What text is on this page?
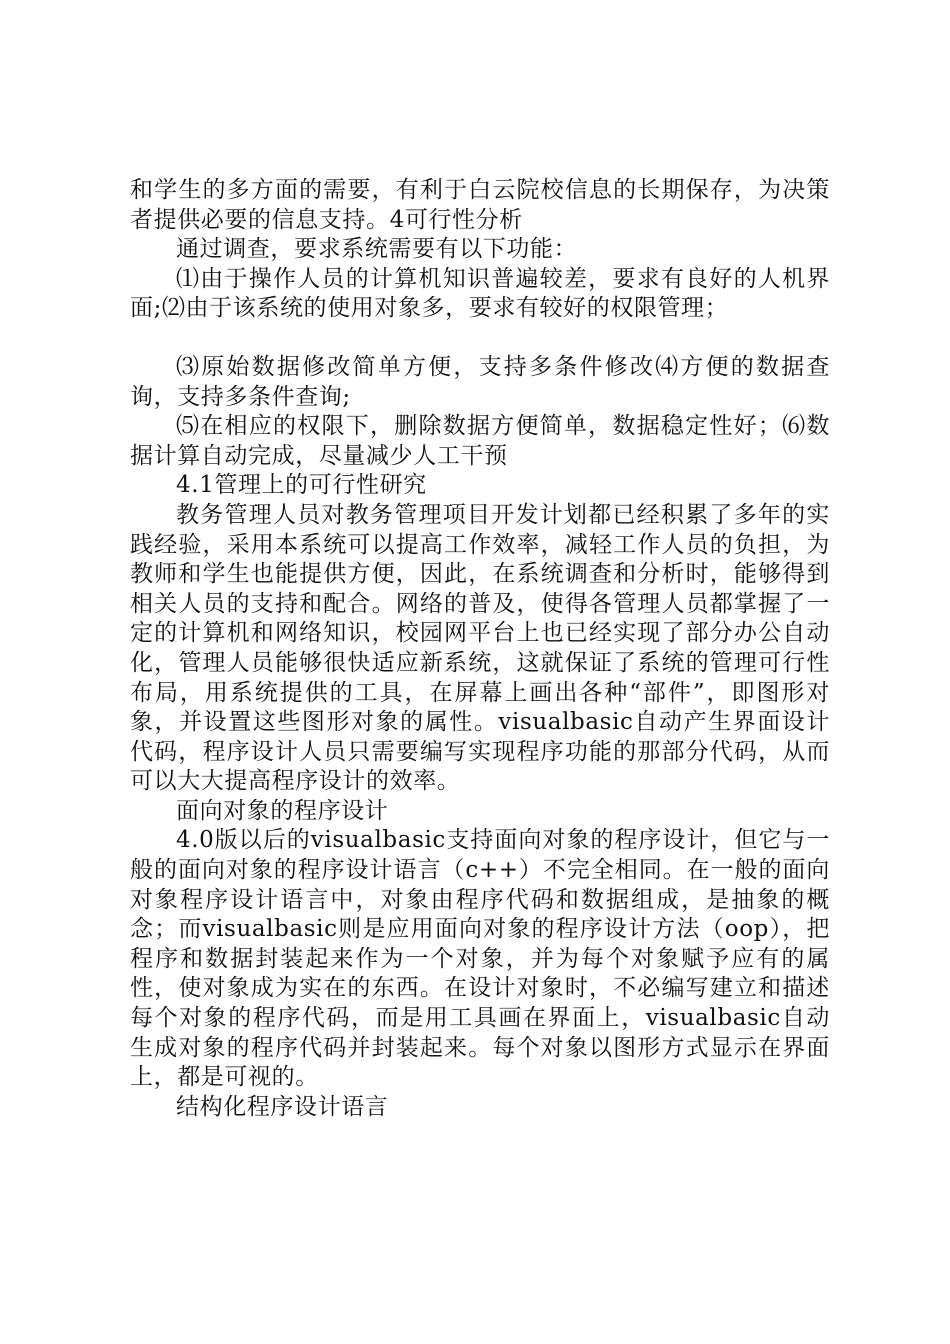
和学生的多方面的需要，有利于白云院校信息的长期保存，为决策者提供必要的信息支持。4可行性分析

通过调查，要求系统需要有以下功能：

⑴由于操作人员的计算机知识普遍较差，要求有良好的人机界面;⑵由于该系统的使用对象多，要求有较好的权限管理；

⑶原始数据修改简单方便，支持多条件修改⑷方便的数据查询，支持多条件查询;

⑸在相应的权限下，删除数据方便简单，数据稳定性好；⑹数据计算自动完成，尽量减少人工干预

4.1管理上的可行性研究

教务管理人员对教务管理项目开发计划都已经积累了多年的实践经验，采用本系统可以提高工作效率，减轻工作人员的负担，为教师和学生也能提供方便，因此，在系统调查和分析时，能够得到相关人员的支持和配合。网络的普及，使得各管理人员都掌握了一定的计算机和网络知识，校园网平台上也已经实现了部分办公自动化，管理人员能够很快适应新系统，这就保证了系统的管理可行性布局，用系统提供的工具，在屏幕上画出各种“部件”，即图形对象，并设置这些图形对象的属性。visualbasic自动产生界面设计代码，程序设计人员只需要编写实现程序功能的那部分代码，从而可以大大提高程序设计的效率。

面向对象的程序设计

4.0版以后的visualbasic支持面向对象的程序设计，但它与一般的面向对象的程序设计语言（c++）不完全相同。在一般的面向对象程序设计语言中，对象由程序代码和数据组成，是抽象的概念；而visualbasic则是应用面向对象的程序设计方法（oop），把程序和数据封装起来作为一个对象，并为每个对象赋予应有的属性，使对象成为实在的东西。在设计对象时，不必编写建立和描述每个对象的程序代码，而是用工具画在界面上，visualbasic自动生成对象的程序代码并封装起来。每个对象以图形方式显示在界面上，都是可视的。

结构化程序设计语言
